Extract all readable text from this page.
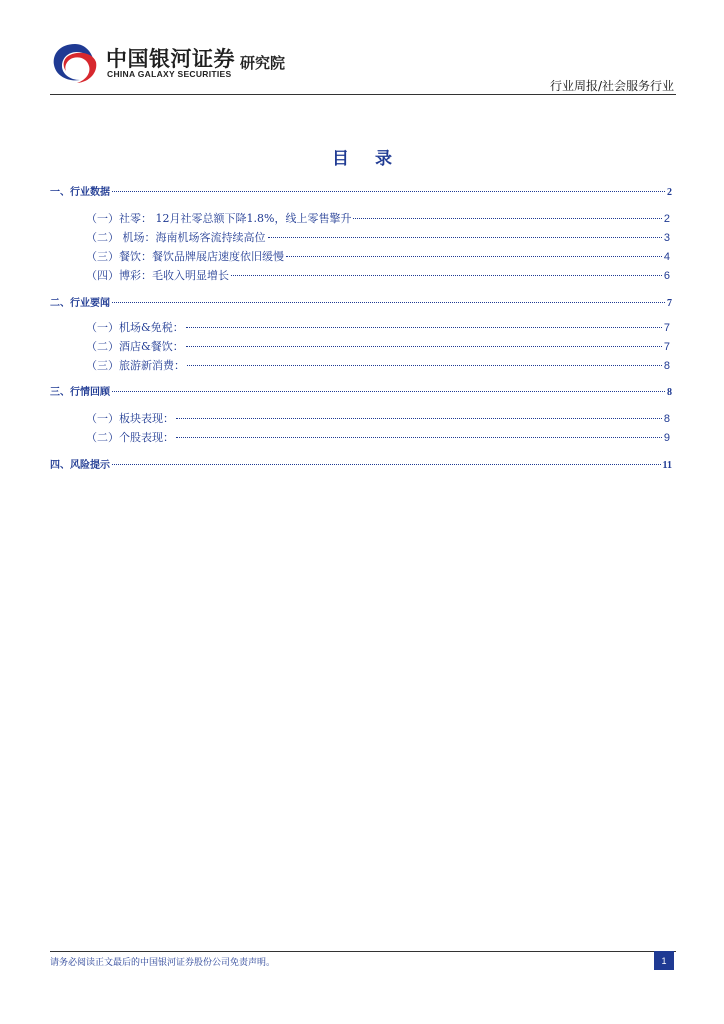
中国银河证券
CHINA GALAXY SECURITIES
研究院
行业周报/社会服务行业
目 录
一、行业数据	2
（一）社零： 12月社零总额下降1.8%，线上零售擎升	2
（二） 机场：海南机场客流持续高位	3
（三）餐饮：餐饮品牌展店速度依旧缓慢	4
（四）博彩：毛收入明显增长	6
二、行业要闻	7
（一）机场&免税：	7
（二）酒店&餐饮：	7
（三）旅游新消费：	8
三、行情回顾	8
（一）板块表现：	8
（二）个股表现：	9
四、风险提示	11
请务必阅读正文最后的中国银河证券股份公司免责声明。	1
